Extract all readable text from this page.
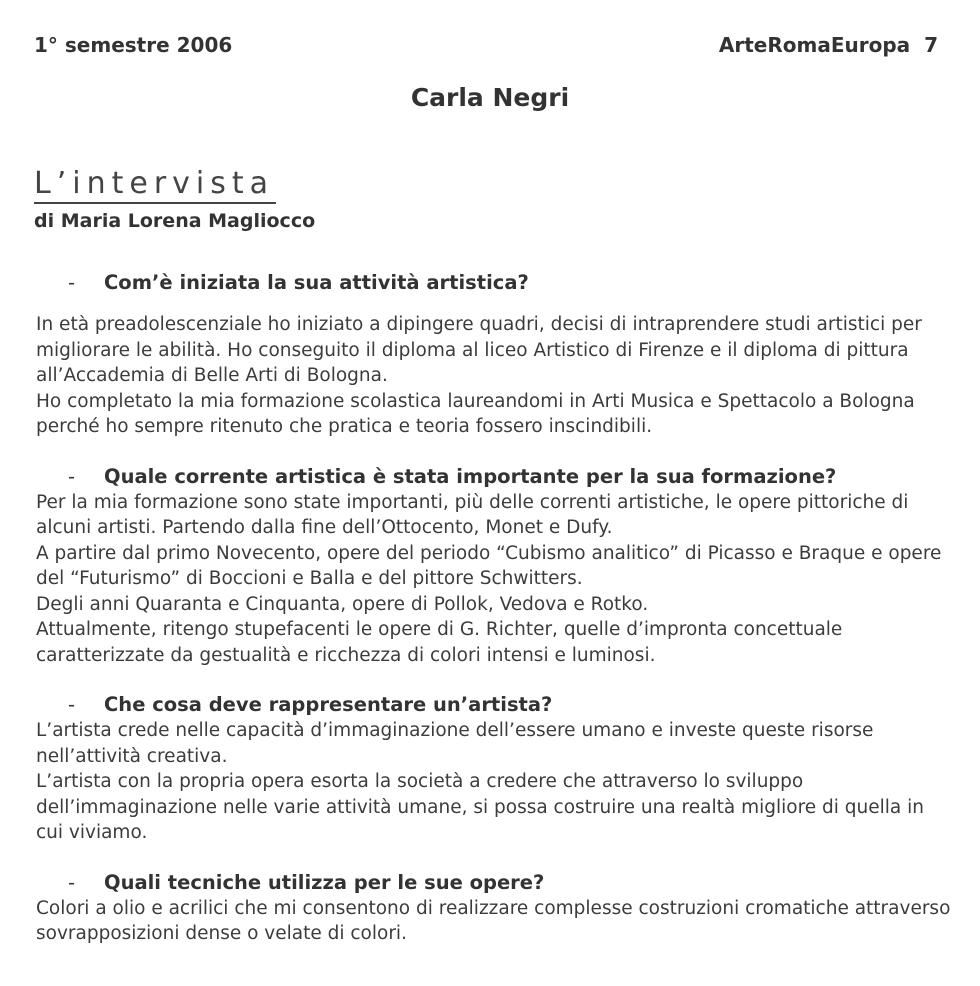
1° semestre 2006	ArteRomaEuropa  7
Carla Negri
L’intervista
di Maria Lorena Magliocco
- Com’è iniziata la sua attività artistica?

In età preadolescenziale ho iniziato a dipingere quadri, decisi di intraprendere studi artistici per migliorare le abilità. Ho conseguito il diploma al liceo Artistico di Firenze e il diploma di pittura all’Accademia di Belle Arti di Bologna.

Ho completato la mia formazione scolastica laureandomi in Arti Musica e Spettacolo a Bologna perché ho sempre ritenuto che pratica e teoria fossero inscindibili.

- Quale corrente artistica è stata importante per la sua formazione?

Per la mia formazione sono state importanti, più delle correnti artistiche, le opere pittoriche di alcuni artisti. Partendo dalla fine dell’Ottocento, Monet e Dufy.

A partire dal primo Novecento, opere del periodo “Cubismo analitico” di Picasso e Braque e opere del “Futurismo” di Boccioni e Balla e del pittore Schwitters.

Degli anni Quaranta e Cinquanta, opere di Pollok, Vedova e Rotko.

Attualmente, ritengo stupefacenti le opere di G. Richter, quelle d’impronta concettuale caratterizzate da gestualità e ricchezza di colori intensi e luminosi.

- Che cosa deve rappresentare un’artista?

L’artista crede nelle capacità d’immaginazione dell’essere umano e investe queste risorse nell’attività creativa.

L’artista con la propria opera esorta la società a credere che attraverso lo sviluppo dell’immaginazione nelle varie attività umane, si possa costruire una realtà migliore di quella in cui viviamo.

- Quali tecniche utilizza per le sue opere?

Colori a olio e acrilici che mi consentono di realizzare complesse costruzioni cromatiche attraverso sovrapposizioni dense o velate di colori.
